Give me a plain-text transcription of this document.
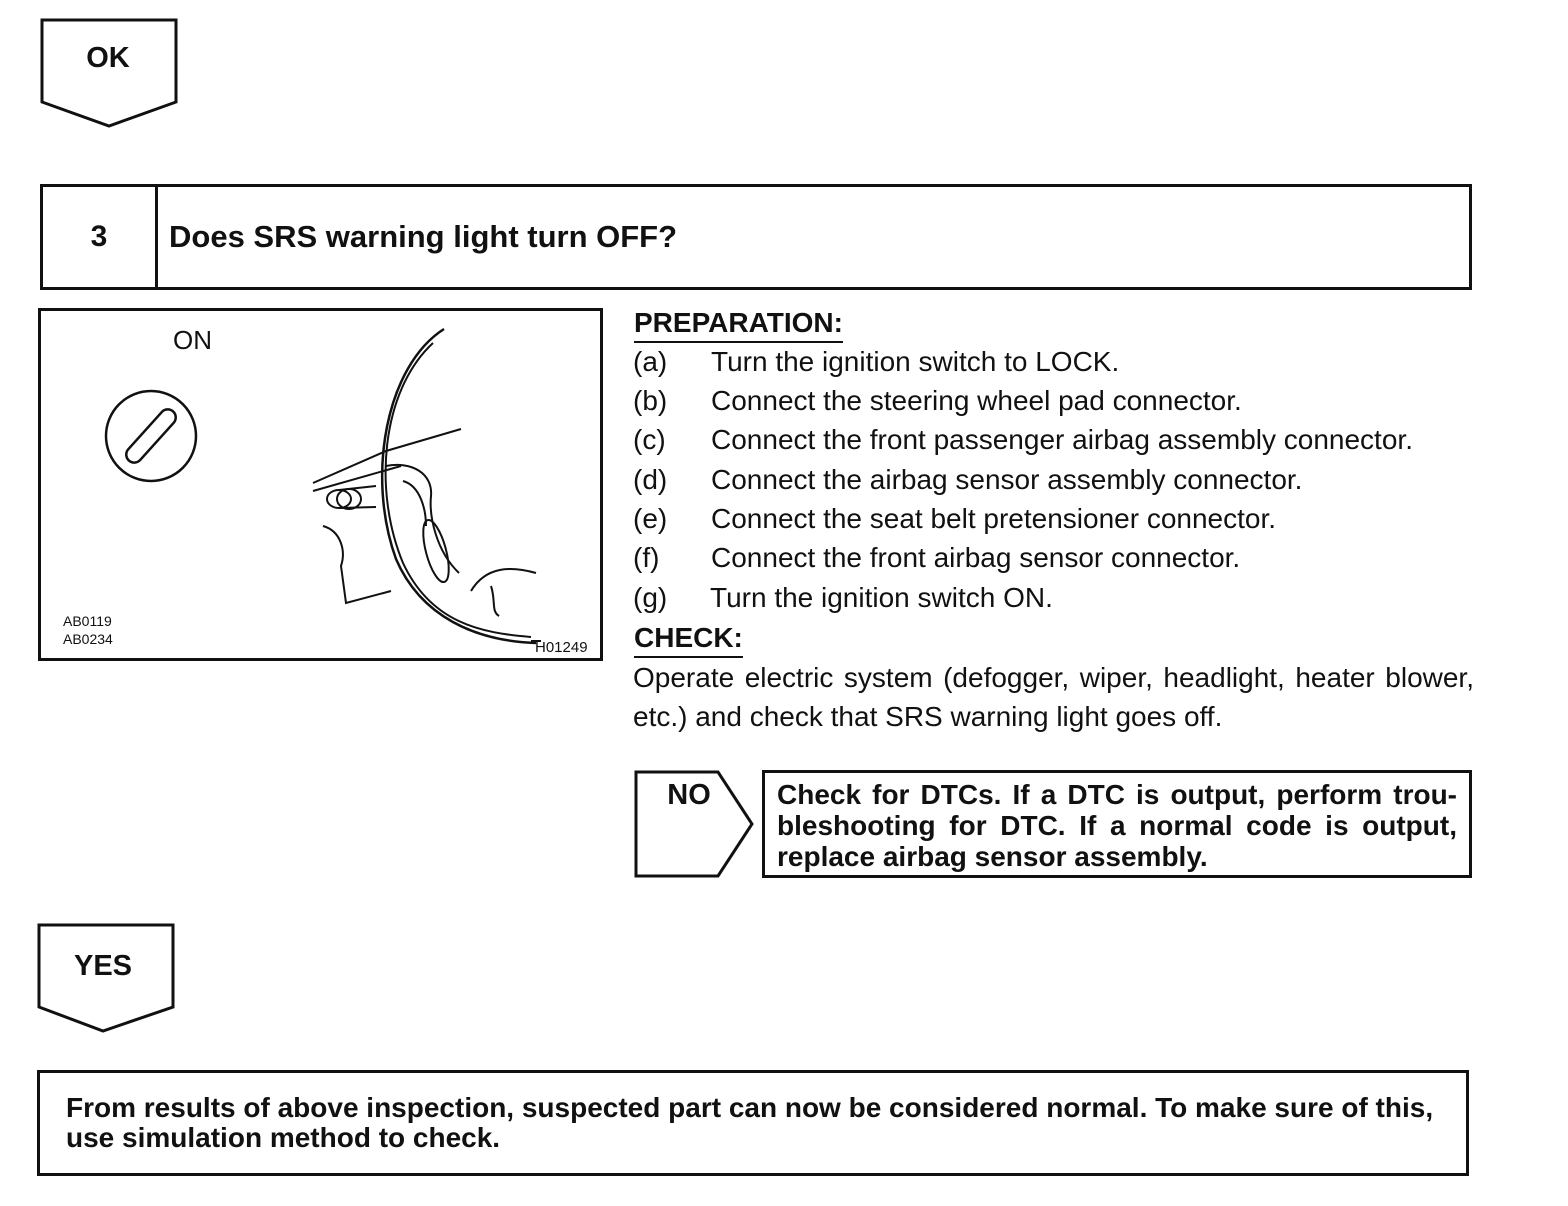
OK
3	Does SRS warning light turn OFF?
ON
AB0119
AB0234	H01249
PREPARATION:
(a) Turn the ignition switch to LOCK.
(b) Connect the steering wheel pad connector.
(c) Connect the front passenger airbag assembly connector.
(d) Connect the airbag sensor assembly connector.
(e) Connect the seat belt pretensioner connector.
(f) Connect the front airbag sensor connector.
(g) Turn the ignition switch ON.
CHECK:
Operate electric system (defogger, wiper, headlight, heater blower, etc.) and check that SRS warning light goes off.
NO	Check for DTCs. If a DTC is output, perform trou-bleshooting for DTC. If a normal code is output, replace airbag sensor assembly.
YES
From results of above inspection, suspected part can now be considered normal. To make sure of this, use simulation method to check.
